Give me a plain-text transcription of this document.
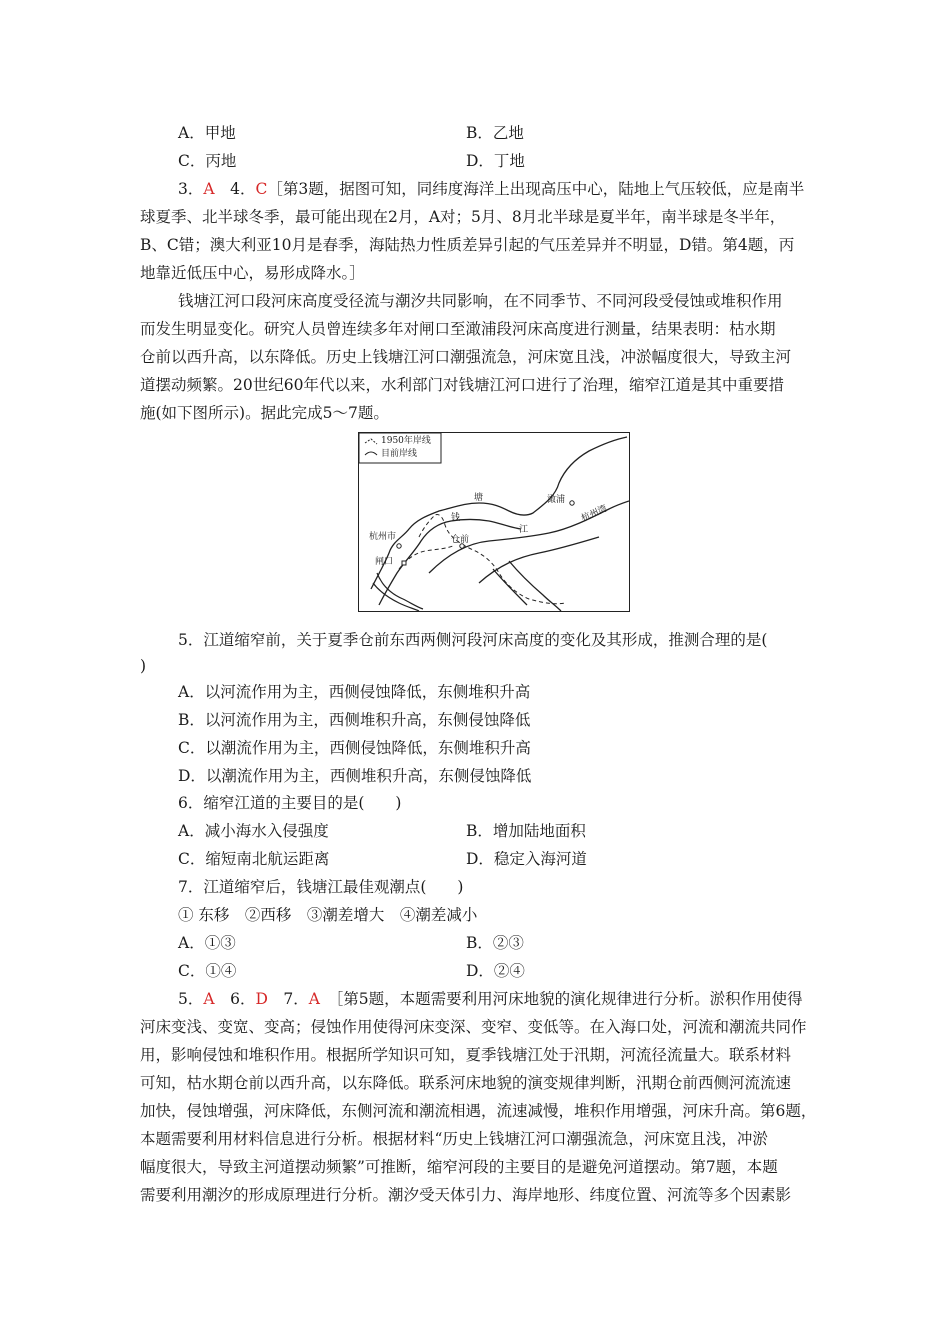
A．甲地	B．乙地
C．丙地	D．丁地
3．A　4．C［第3题，据图可知，同纬度海洋上出现高压中心，陆地上气压较低，应是南半
球夏季、北半球冬季，最可能出现在2月，A对；5月、8月北半球是夏半年，南半球是冬半年，
B、C错；澳大利亚10月是春季，海陆热力性质差异引起的气压差异并不明显，D错。第4题，丙
地靠近低压中心，易形成降水。］
钱塘江河口段河床高度受径流与潮汐共同影响，在不同季节、不同河段受侵蚀或堆积作用
而发生明显变化。研究人员曾连续多年对闸口至澉浦段河床高度进行测量，结果表明：枯水期
仓前以西升高，以东降低。历史上钱塘江河口潮强流急，河床宽且浅，冲淤幅度很大，导致主河
道摆动频繁。20世纪60年代以来，水利部门对钱塘江河口进行了治理，缩窄江道是其中重要措
施(如下图所示)。据此完成5～7题。
1950年岸线
目前岸线
塘	澉浦
江
杭州湾
钱
杭州市	仓前
闸口
5．江道缩窄前，关于夏季仓前东西两侧河段河床高度的变化及其形成，推测合理的是(
)
A．以河流作用为主，西侧侵蚀降低，东侧堆积升高
B．以河流作用为主，西侧堆积升高，东侧侵蚀降低
C．以潮流作用为主，西侧侵蚀降低，东侧堆积升高
D．以潮流作用为主，西侧堆积升高，东侧侵蚀降低
6．缩窄江道的主要目的是(　　)
A．减小海水入侵强度	B．增加陆地面积
C．缩短南北航运距离	D．稳定入海河道
7．江道缩窄后，钱塘江最佳观潮点(　　)
① 东移　②西移　③潮差增大　④潮差减小
A．①③	B．②③
C．①④	D．②④
5．A　6．D　7．A　［第5题，本题需要利用河床地貌的演化规律进行分析。淤积作用使得
河床变浅、变宽、变高；侵蚀作用使得河床变深、变窄、变低等。在入海口处，河流和潮流共同作
用，影响侵蚀和堆积作用。根据所学知识可知，夏季钱塘江处于汛期，河流径流量大。联系材料
可知，枯水期仓前以西升高，以东降低。联系河床地貌的演变规律判断，汛期仓前西侧河流流速
加快，侵蚀增强，河床降低，东侧河流和潮流相遇，流速减慢，堆积作用增强，河床升高。第6题，
本题需要利用材料信息进行分析。根据材料“历史上钱塘江河口潮强流急，河床宽且浅，冲淤
幅度很大，导致主河道摆动频繁”可推断，缩窄河段的主要目的是避免河道摆动。第7题，本题
需要利用潮汐的形成原理进行分析。潮汐受天体引力、海岸地形、纬度位置、河流等多个因素影
